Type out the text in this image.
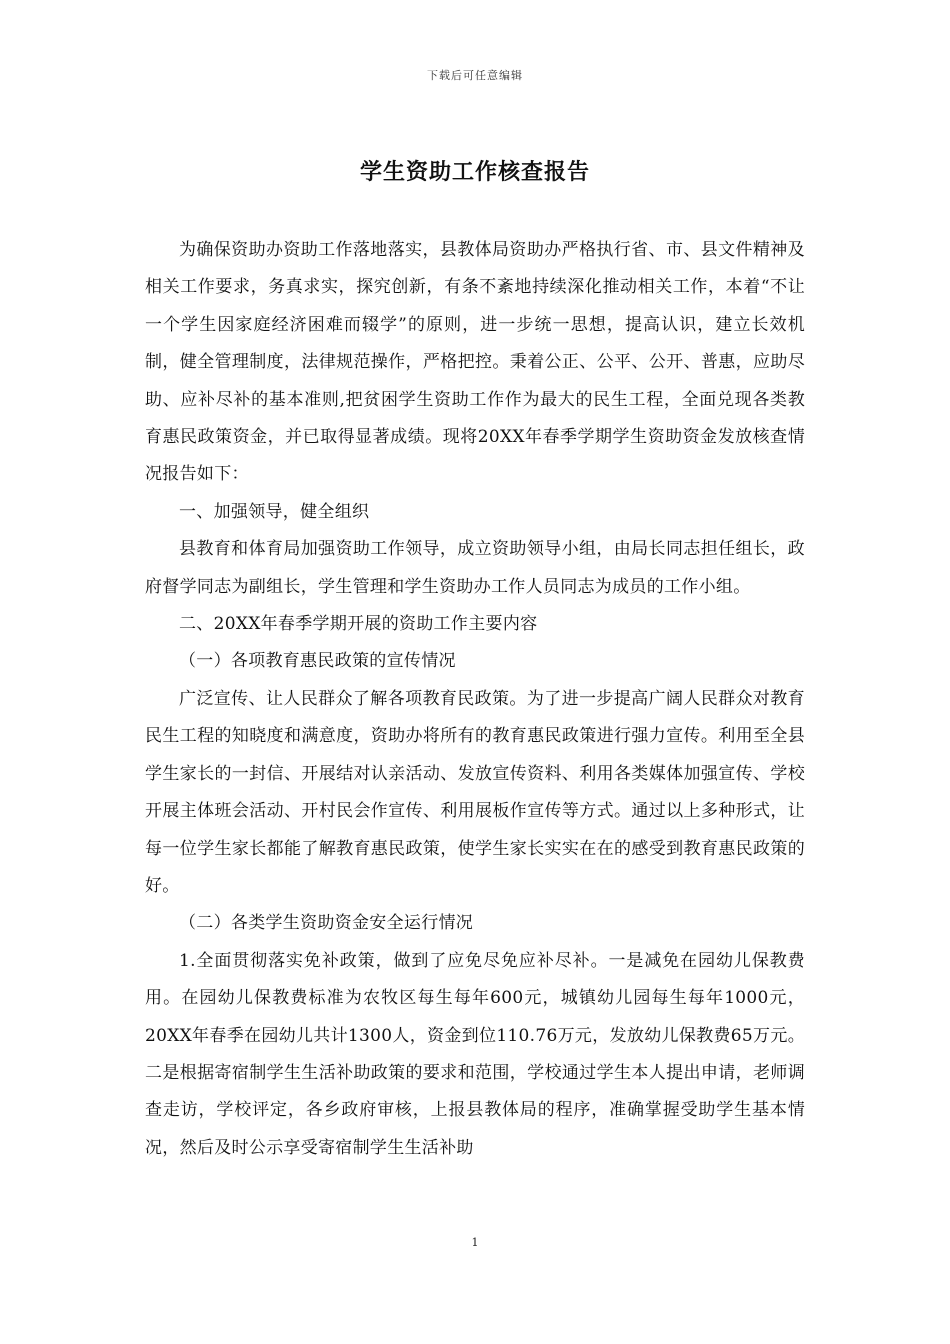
下载后可任意编辑
学生资助工作核查报告

为确保资助办资助工作落地落实，县教体局资助办严格执行省、市、县文件精神及相关工作要求，务真求实，探究创新，有条不紊地持续深化推动相关工作，本着“不让一个学生因家庭经济困难而辍学”的原则，进一步统一思想，提高认识，建立长效机制，健全管理制度，法律规范操作，严格把控。秉着公正、公平、公开、普惠，应助尽助、应补尽补的基本准则,把贫困学生资助工作作为最大的民生工程，全面兑现各类教育惠民政策资金，并已取得显著成绩。现将20XX年春季学期学生资助资金发放核查情况报告如下：

一、加强领导，健全组织

县教育和体育局加强资助工作领导，成立资助领导小组，由局长同志担任组长，政府督学同志为副组长，学生管理和学生资助办工作人员同志为成员的工作小组。

二、20XX年春季学期开展的资助工作主要内容

（一）各项教育惠民政策的宣传情况

广泛宣传、让人民群众了解各项教育民政策。为了进一步提高广阔人民群众对教育民生工程的知晓度和满意度，资助办将所有的教育惠民政策进行强力宣传。利用至全县学生家长的一封信、开展结对认亲活动、发放宣传资料、利用各类媒体加强宣传、学校开展主体班会活动、开村民会作宣传、利用展板作宣传等方式。通过以上多种形式，让每一位学生家长都能了解教育惠民政策，使学生家长实实在在的感受到教育惠民政策的好。

（二）各类学生资助资金安全运行情况

1.全面贯彻落实免补政策，做到了应免尽免应补尽补。一是减免在园幼儿保教费用。在园幼儿保教费标准为农牧区每生每年600元，城镇幼儿园每生每年1000元，20XX年春季在园幼儿共计1300人，资金到位110.76万元，发放幼儿保教费65万元。二是根据寄宿制学生生活补助政策的要求和范围，学校通过学生本人提出申请，老师调查走访，学校评定，各乡政府审核，上报县教体局的程序，准确掌握受助学生基本情况，然后及时公示享受寄宿制学生生活补助

1
